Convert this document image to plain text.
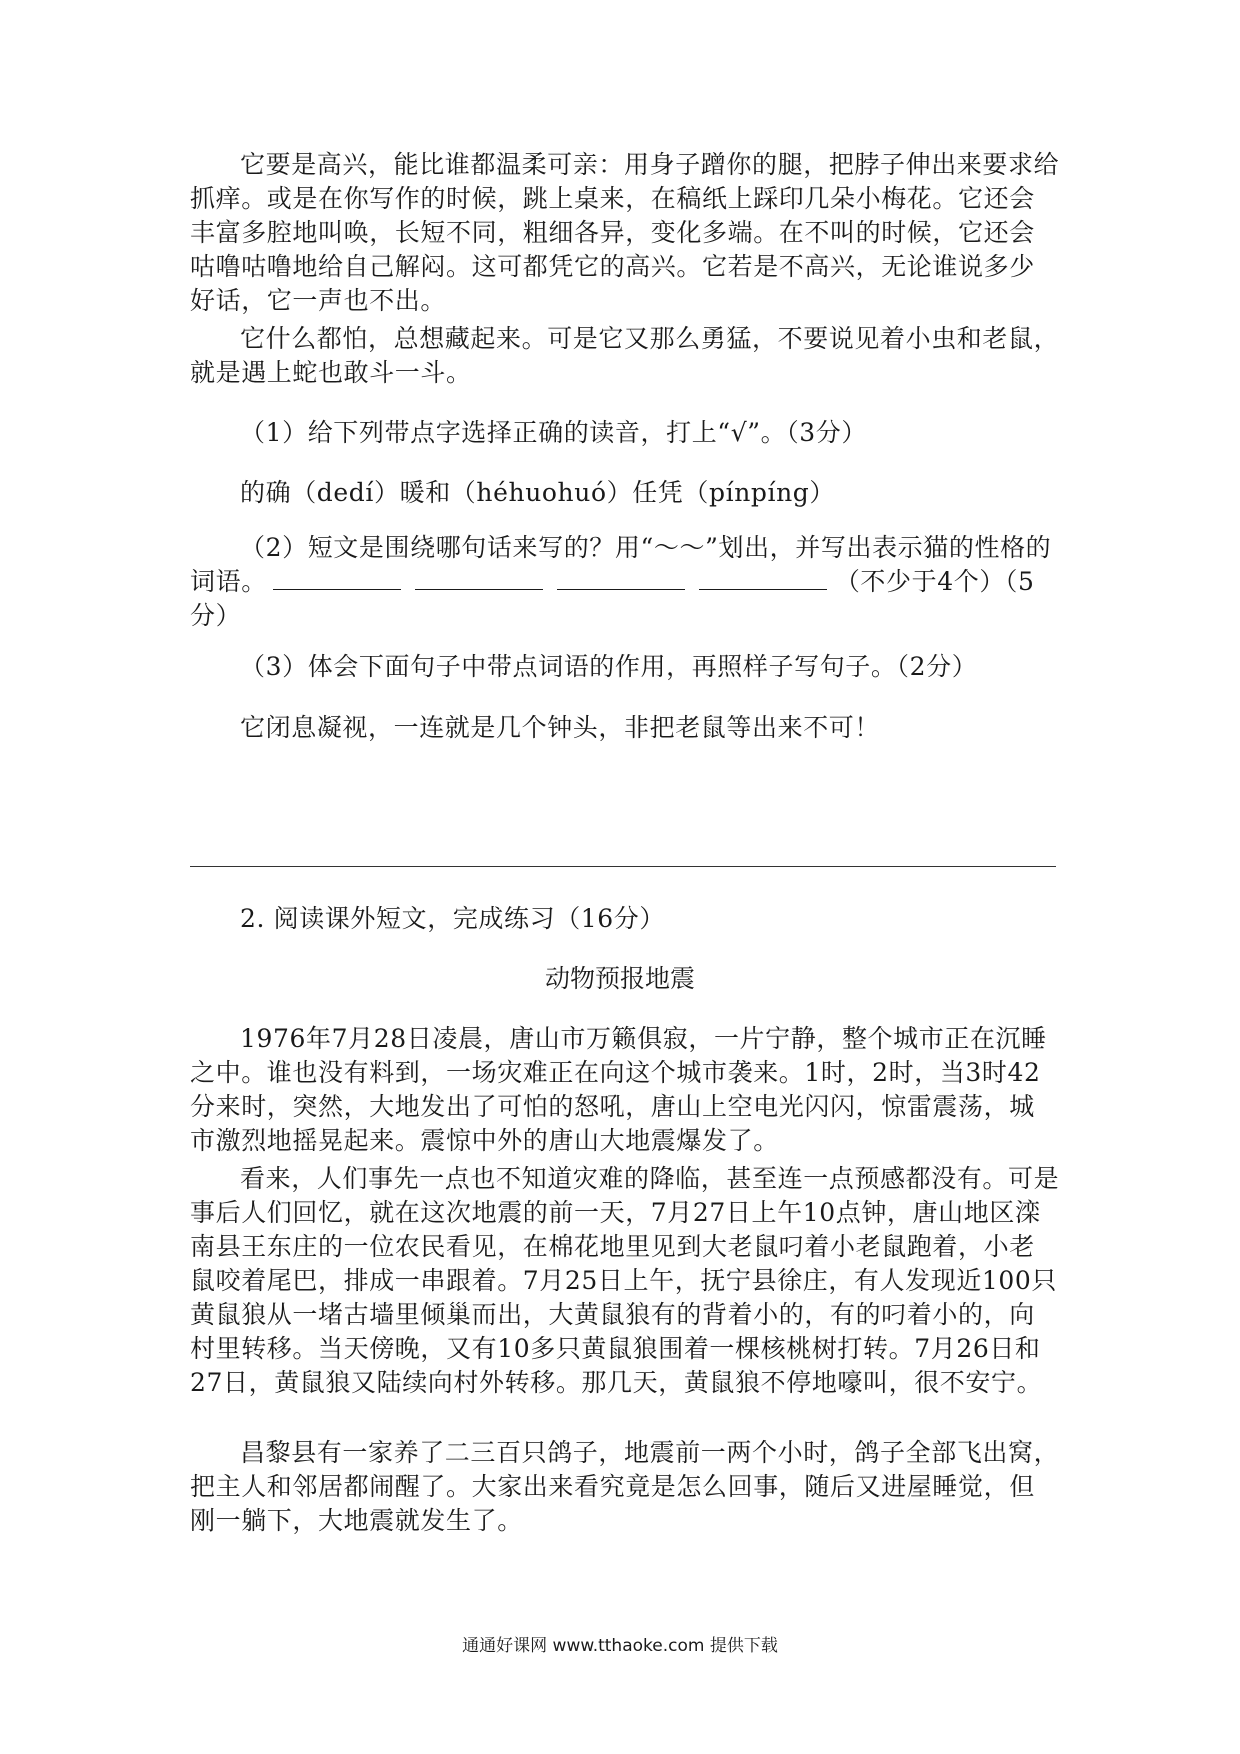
它要是高兴，能比谁都温柔可亲：用身子蹭你的腿，把脖子伸出来要求给抓痒。或是在你写作的时候，跳上桌来，在稿纸上踩印几朵小梅花。它还会丰富多腔地叫唤，长短不同，粗细各异，变化多端。在不叫的时候，它还会咕噜咕噜地给自己解闷。这可都凭它的高兴。它若是不高兴，无论谁说多少好话，它一声也不出。

它什么都怕，总想藏起来。可是它又那么勇猛，不要说见着小虫和老鼠，就是遇上蛇也敢斗一斗。

（1）给下列带点字选择正确的读音，打上“√”。（3分）

的确（dedí）暖和（héhuohuó）任凭（pínpíng）

（2）短文是围绕哪句话来写的？用“～～”划出，并写出表示猫的性格的词语。	（不少于4个）（5分）

（3）体会下面句子中带点词语的作用，再照样子写句子。（2分）

它闭息凝视，一连就是几个钟头，非把老鼠等出来不可！

2. 阅读课外短文，完成练习（16分）

动物预报地震

1976年7月28日凌晨，唐山市万籁俱寂，一片宁静，整个城市正在沉睡之中。谁也没有料到，一场灾难正在向这个城市袭来。1时，2时，当3时42分来时，突然，大地发出了可怕的怒吼，唐山上空电光闪闪，惊雷震荡，城市激烈地摇晃起来。震惊中外的唐山大地震爆发了。

看来，人们事先一点也不知道灾难的降临，甚至连一点预感都没有。可是事后人们回忆，就在这次地震的前一天，7月27日上午10点钟，唐山地区滦南县王东庄的一位农民看见，在棉花地里见到大老鼠叼着小老鼠跑着，小老鼠咬着尾巴，排成一串跟着。7月25日上午，抚宁县徐庄，有人发现近100只黄鼠狼从一堵古墙里倾巢而出，大黄鼠狼有的背着小的，有的叼着小的，向村里转移。当天傍晚，又有10多只黄鼠狼围着一棵核桃树打转。7月26日和27日，黄鼠狼又陆续向村外转移。那几天，黄鼠狼不停地嚎叫，很不安宁。

昌黎县有一家养了二三百只鸽子，地震前一两个小时，鸽子全部飞出窝，把主人和邻居都闹醒了。大家出来看究竟是怎么回事，随后又进屋睡觉，但刚一躺下，大地震就发生了。

通通好课网 www.tthaoke.com 提供下载
